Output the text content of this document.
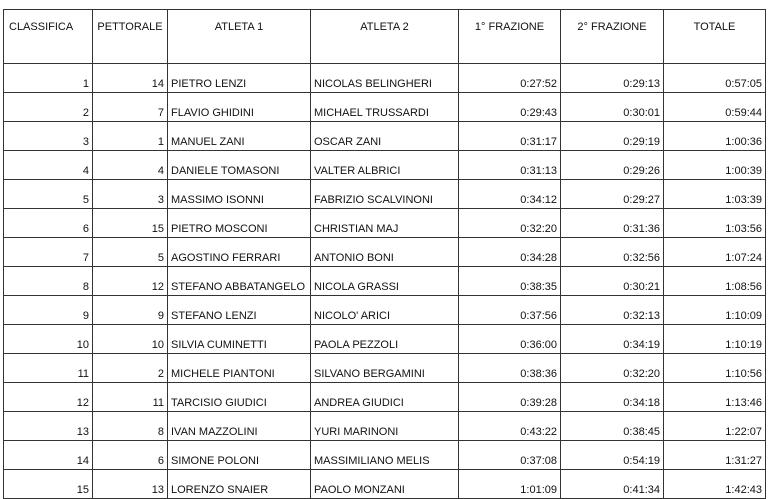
CLASSIFICA	PETTORALE	ATLETA 1	ATLETA 2	1° FRAZIONE	2° FRAZIONE	TOTALE
1	14	PIETRO LENZI	NICOLAS BELINGHERI	0:27:52	0:29:13	0:57:05
2	7	FLAVIO GHIDINI	MICHAEL TRUSSARDI	0:29:43	0:30:01	0:59:44
3	1	MANUEL ZANI	OSCAR ZANI	0:31:17	0:29:19	1:00:36
4	4	DANIELE TOMASONI	VALTER ALBRICI	0:31:13	0:29:26	1:00:39
5	3	MASSIMO ISONNI	FABRIZIO SCALVINONI	0:34:12	0:29:27	1:03:39
6	15	PIETRO MOSCONI	CHRISTIAN MAJ	0:32:20	0:31:36	1:03:56
7	5	AGOSTINO FERRARI	ANTONIO BONI	0:34:28	0:32:56	1:07:24
8	12	STEFANO ABBATANGELO	NICOLA GRASSI	0:38:35	0:30:21	1:08:56
9	9	STEFANO LENZI	NICOLO' ARICI	0:37:56	0:32:13	1:10:09
10	10	SILVIA CUMINETTI	PAOLA PEZZOLI	0:36:00	0:34:19	1:10:19
11	2	MICHELE PIANTONI	SILVANO BERGAMINI	0:38:36	0:32:20	1:10:56
12	11	TARCISIO GIUDICI	ANDREA GIUDICI	0:39:28	0:34:18	1:13:46
13	8	IVAN MAZZOLINI	YURI MARINONI	0:43:22	0:38:45	1:22:07
14	6	SIMONE POLONI	MASSIMILIANO MELIS	0:37:08	0:54:19	1:31:27
15	13	LORENZO SNAIER	PAOLO MONZANI	1:01:09	0:41:34	1:42:43
